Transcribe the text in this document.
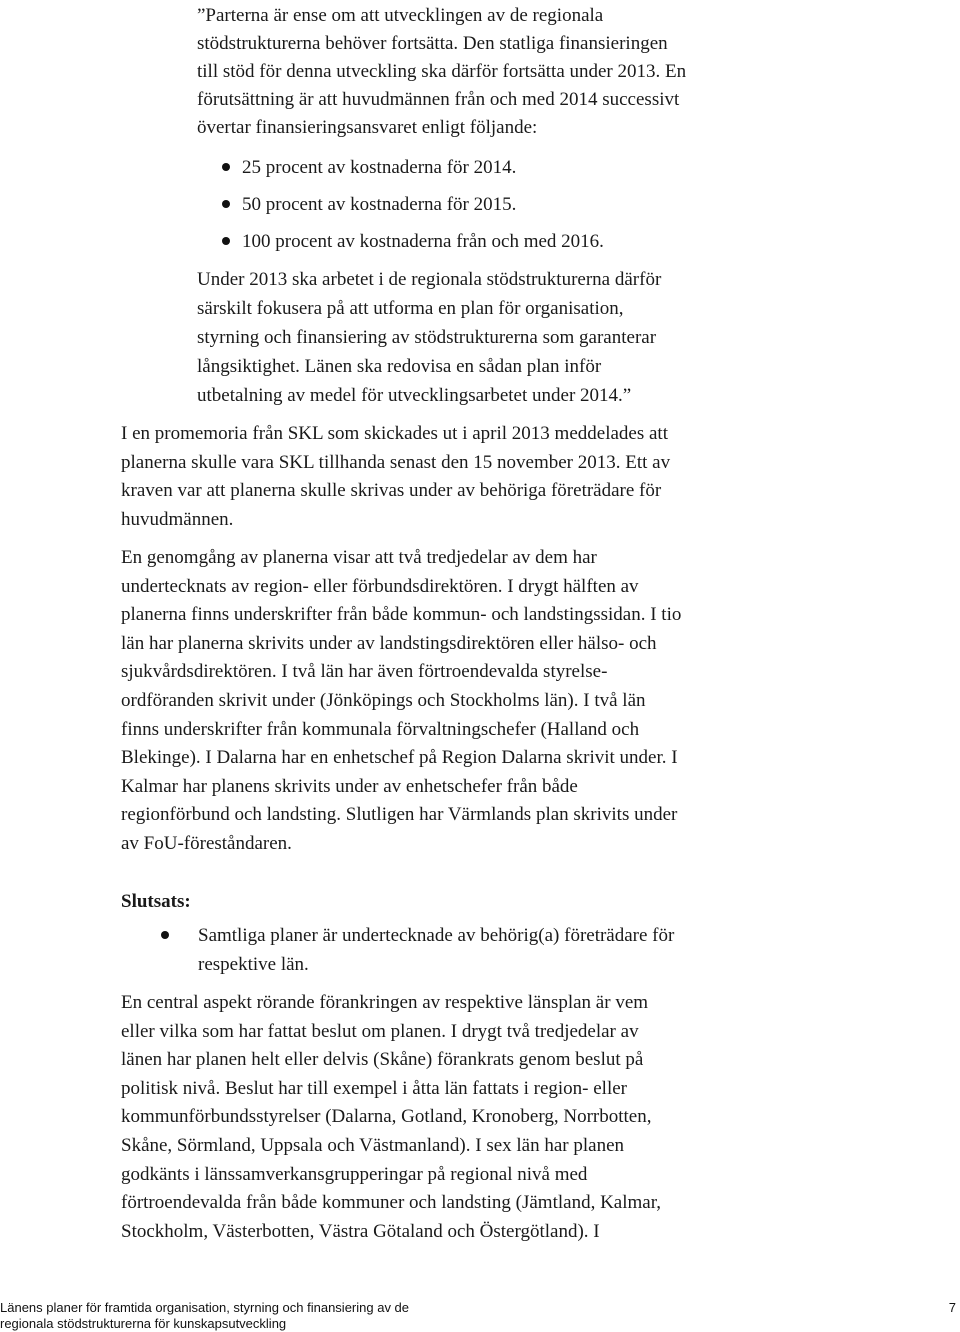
”Parterna är ense om att utvecklingen av de regionala
stödstrukturerna behöver fortsätta. Den statliga finansieringen
till stöd för denna utveckling ska därför fortsätta under 2013. En
förutsättning är att huvudmännen från och med 2014 successivt
övertar finansieringsansvaret enligt följande:
25 procent av kostnaderna för 2014.
50 procent av kostnaderna för 2015.
100 procent av kostnaderna från och med 2016.
Under 2013 ska arbetet i de regionala stödstrukturerna därför
särskilt fokusera på att utforma en plan för organisation,
styrning och finansiering av stödstrukturerna som garanterar
långsiktighet. Länen ska redovisa en sådan plan inför
utbetalning av medel för utvecklingsarbetet under 2014.”
I en promemoria från SKL som skickades ut i april 2013 meddelades att
planerna skulle vara SKL tillhanda senast den 15 november 2013. Ett av
kraven var att planerna skulle skrivas under av behöriga företrädare för
huvudmännen.
En genomgång av planerna visar att två tredjedelar av dem har
undertecknats av region- eller förbundsdirektören. I drygt hälften av
planerna finns underskrifter från både kommun- och landstingssidan. I tio
län har planerna skrivits under av landstingsdirektören eller hälso- och
sjukvårdsdirektören. I två län har även förtroendevalda styrelse-
ordföranden skrivit under (Jönköpings och Stockholms län). I två län
finns underskrifter från kommunala förvaltningschefer (Halland och
Blekinge). I Dalarna har en enhetschef på Region Dalarna skrivit under. I
Kalmar har planens skrivits under av enhetschefer från både
regionförbund och landsting. Slutligen har Värmlands plan skrivits under
av FoU-föreståndaren.
Slutsats:
Samtliga planer är undertecknade av behörig(a) företrädare för
respektive län.
En central aspekt rörande förankringen av respektive länsplan är vem
eller vilka som har fattat beslut om planen. I drygt två tredjedelar av
länen har planen helt eller delvis (Skåne) förankrats genom beslut på
politisk nivå. Beslut har till exempel i åtta län fattats i region- eller
kommunförbundsstyrelser (Dalarna, Gotland, Kronoberg, Norrbotten,
Skåne, Sörmland, Uppsala och Västmanland). I sex län har planen
godkänts i länssamverkansgrupperingar på regional nivå med
förtroendevalda från både kommuner och landsting (Jämtland, Kalmar,
Stockholm, Västerbotten, Västra Götaland och Östergötland). I
Länens planer för framtida organisation, styrning och finansiering av de
regionala stödstrukturerna för kunskapsutveckling
7
